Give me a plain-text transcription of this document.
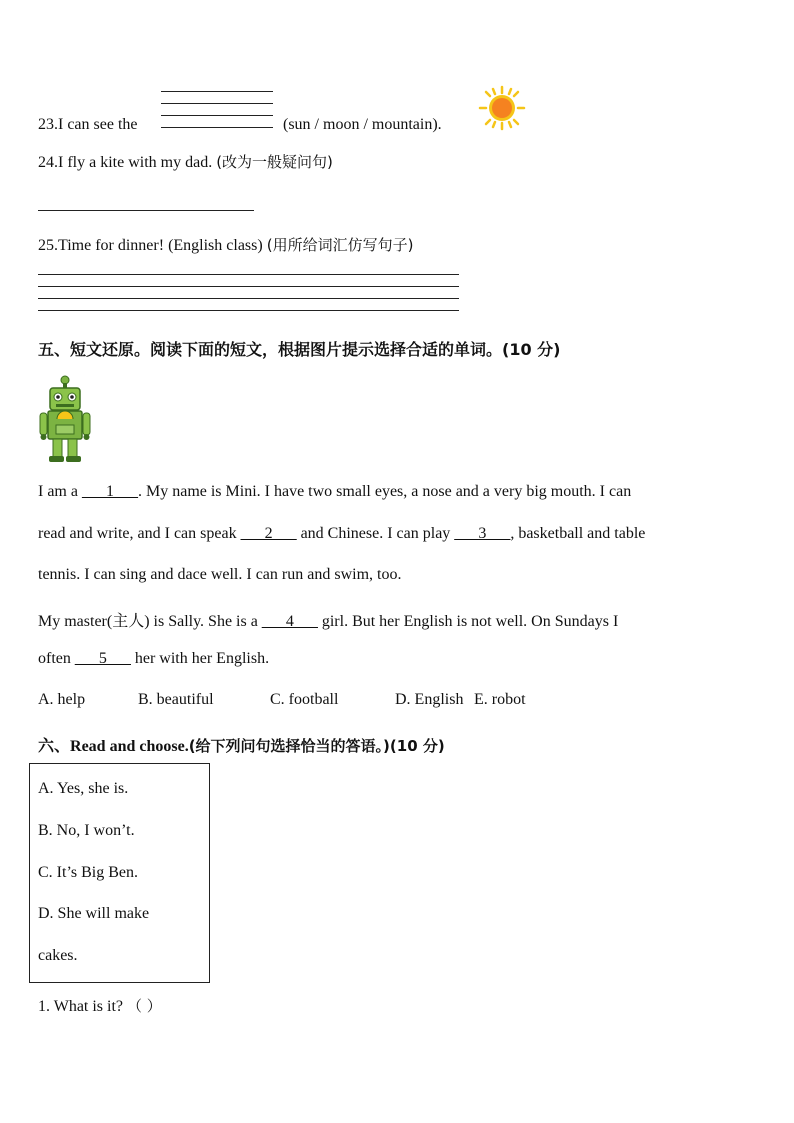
23.I can see the	(sun / moon / mountain).
24.I fly a kite with my dad. (改为一般疑问句)
25.Time for dinner! (English class) (用所给词汇仿写句子)
五、短文还原。阅读下面的短文，根据图片提示选择合适的单词。(10 分)
I am a ___1___. My name is Mini. I have two small eyes, a nose and a very big mouth. I can
read and write, and I can speak ___2___ and Chinese. I can play ___3___, basketball and table
tennis. I can sing and dace well. I can run and swim, too.
My master(主人) is Sally. She is a ___4___ girl. But her English is not well. On Sundays I
often ___5___ her with her English.
A. help	B. beautiful	C. football	D. English E. robot
六、Read and choose.(给下列问句选择恰当的答语。)(10 分)
A. Yes, she is.
B. No, I won’t.
C. It’s Big Ben.
D. She will make
cakes.
1. What is it? （ ）
